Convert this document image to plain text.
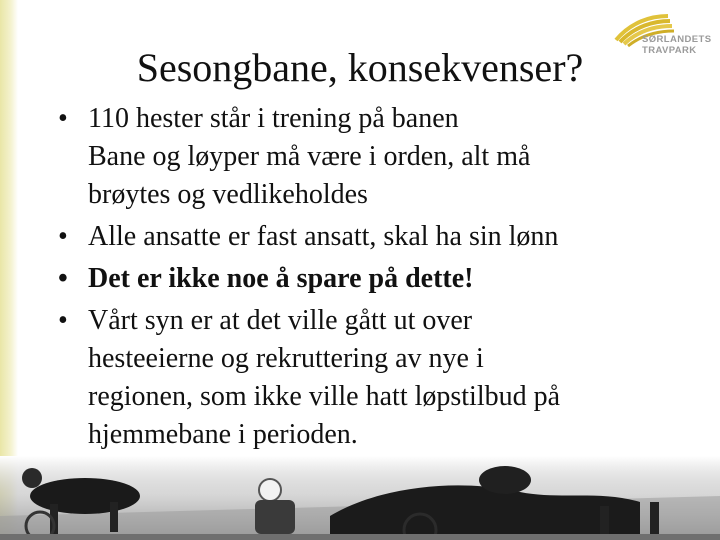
SØRLANDETS
TRAVPARK
Sesongbane, konsekvenser?
• 110 hester står i trening på banen
Bane og løyper må være i orden, alt må
brøytes og vedlikeholdes
• Alle ansatte er fast ansatt, skal ha sin lønn
• Det er ikke noe å spare på dette!
• Vårt syn er at det ville gått ut over
hesteeierne og rekruttering av nye i
regionen, som ikke ville hatt løpstilbud på
hjemmebane i perioden.
